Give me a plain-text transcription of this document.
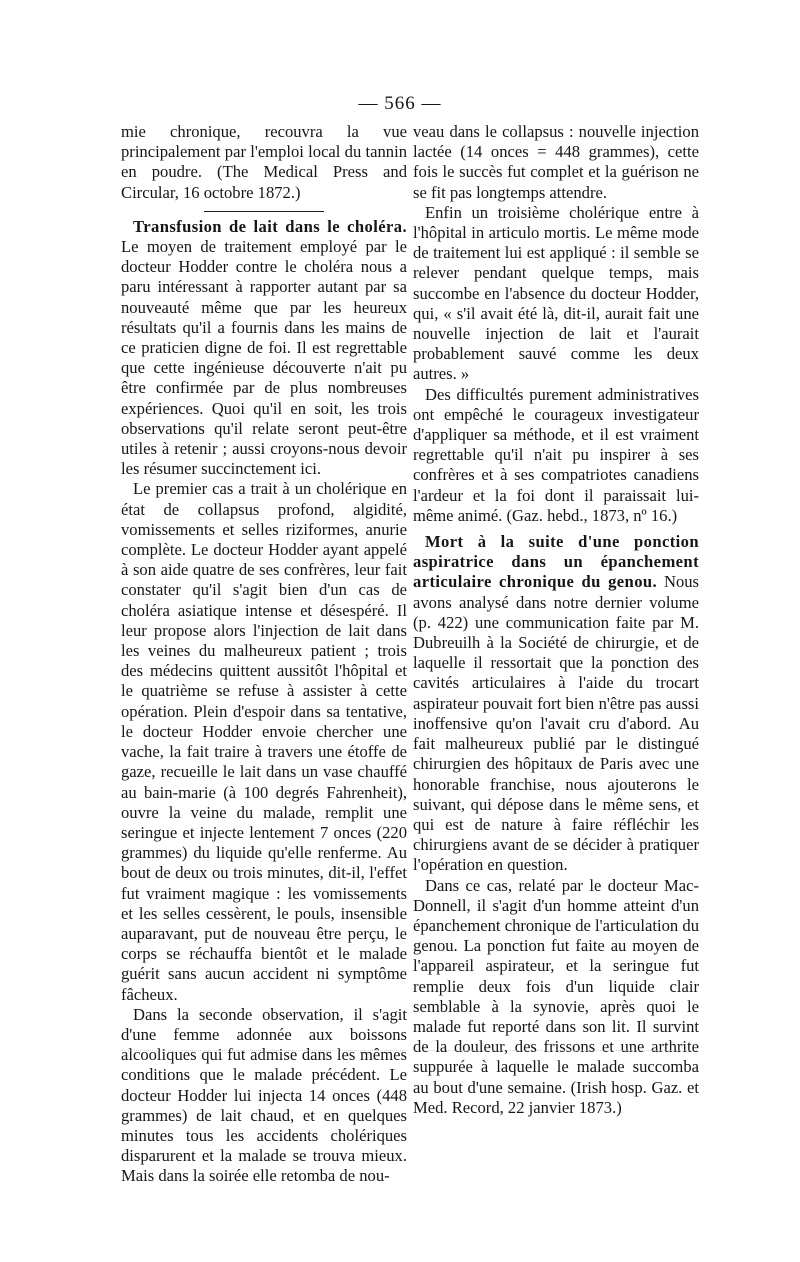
— 566 —

mie chronique, recouvra la vue principalement par l'emploi local du tannin en poudre. (The Medical Press and Circular, 16 octobre 1872.)

Transfusion de lait dans le choléra. Le moyen de traitement employé par le docteur Hodder contre le choléra nous a paru intéressant à rapporter autant par sa nouveauté même que par les heureux résultats qu'il a fournis dans les mains de ce praticien digne de foi. Il est regrettable que cette ingénieuse découverte n'ait pu être confirmée par de plus nombreuses expériences. Quoi qu'il en soit, les trois observations qu'il relate seront peut-être utiles à retenir ; aussi croyons-nous devoir les résumer succinctement ici.

Le premier cas a trait à un cholérique en état de collapsus profond, algidité, vomissements et selles riziformes, anurie complète. Le docteur Hodder ayant appelé à son aide quatre de ses confrères, leur fait constater qu'il s'agit bien d'un cas de choléra asiatique intense et désespéré. Il leur propose alors l'injection de lait dans les veines du malheureux patient ; trois des médecins quittent aussitôt l'hôpital et le quatrième se refuse à assister à cette opération. Plein d'espoir dans sa tentative, le docteur Hodder envoie chercher une vache, la fait traire à travers une étoffe de gaze, recueille le lait dans un vase chauffé au bain-marie (à 100 degrés Fahrenheit), ouvre la veine du malade, remplit une seringue et injecte lentement 7 onces (220 grammes) du liquide qu'elle renferme. Au bout de deux ou trois minutes, dit-il, l'effet fut vraiment magique : les vomissements et les selles cessèrent, le pouls, insensible auparavant, put de nouveau être perçu, le corps se réchauffa bientôt et le malade guérit sans aucun accident ni symptôme fâcheux.

Dans la seconde observation, il s'agit d'une femme adonnée aux boissons alcooliques qui fut admise dans les mêmes conditions que le malade précédent. Le docteur Hodder lui injecta 14 onces (448 grammes) de lait chaud, et en quelques minutes tous les accidents cholériques disparurent et la malade se trouva mieux. Mais dans la soirée elle retomba de nou-

veau dans le collapsus : nouvelle injection lactée (14 onces = 448 grammes), cette fois le succès fut complet et la guérison ne se fit pas longtemps attendre.

Enfin un troisième cholérique entre à l'hôpital in articulo mortis. Le même mode de traitement lui est appliqué : il semble se relever pendant quelque temps, mais succombe en l'absence du docteur Hodder, qui, « s'il avait été là, dit-il, aurait fait une nouvelle injection de lait et l'aurait probablement sauvé comme les deux autres. »

Des difficultés purement administratives ont empêché le courageux investigateur d'appliquer sa méthode, et il est vraiment regrettable qu'il n'ait pu inspirer à ses confrères et à ses compatriotes canadiens l'ardeur et la foi dont il paraissait lui-même animé. (Gaz. hebd., 1873, nº 16.)

Mort à la suite d'une ponction aspiratrice dans un épanchement articulaire chronique du genou. Nous avons analysé dans notre dernier volume (p. 422) une communication faite par M. Dubreuilh à la Société de chirurgie, et de laquelle il ressortait que la ponction des cavités articulaires à l'aide du trocart aspirateur pouvait fort bien n'être pas aussi inoffensive qu'on l'avait cru d'abord. Au fait malheureux publié par le distingué chirurgien des hôpitaux de Paris avec une honorable franchise, nous ajouterons le suivant, qui dépose dans le même sens, et qui est de nature à faire réfléchir les chirurgiens avant de se décider à pratiquer l'opération en question.

Dans ce cas, relaté par le docteur Mac-Donnell, il s'agit d'un homme atteint d'un épanchement chronique de l'articulation du genou. La ponction fut faite au moyen de l'appareil aspirateur, et la seringue fut remplie deux fois d'un liquide clair semblable à la synovie, après quoi le malade fut reporté dans son lit. Il survint de la douleur, des frissons et une arthrite suppurée à laquelle le malade succomba au bout d'une semaine. (Irish hosp. Gaz. et Med. Record, 22 janvier 1873.)
